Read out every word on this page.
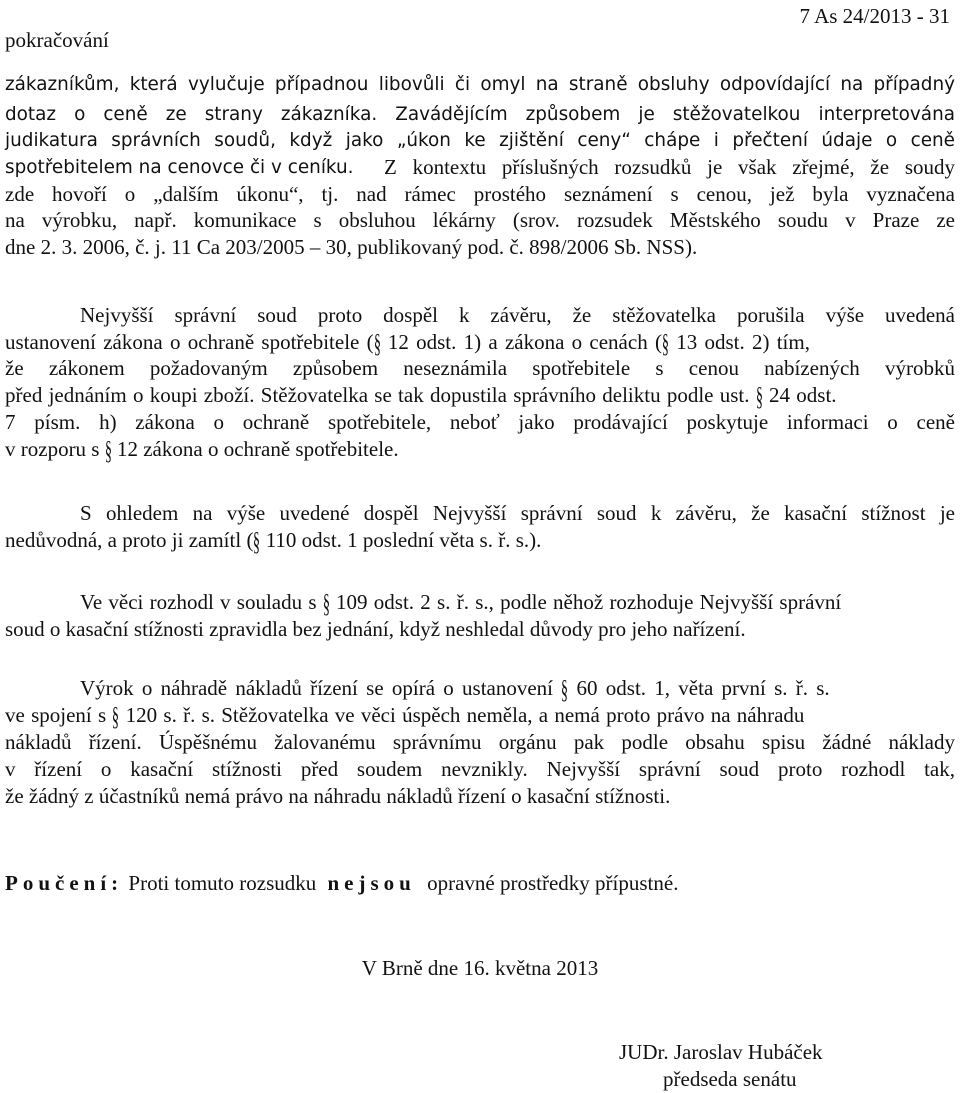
pokračování
7 As 24/2013 - 31
zákazníkům, která vylučuje případnou libovůli či omyl na straně obsluhy odpovídající na případný
dotaz o ceně ze strany zákazníka. Zavádějícím způsobem je stěžovatelkou interpretována
judikatura správních soudů, když jako „úkon ke zjištění ceny“ chápe i přečtení údaje o ceně
spotřebitelem na cenovce či v ceníku.	Z kontextu příslušných rozsudků je však zřejmé, že soudy
zde hovoří o „dalším úkonu“, tj. nad rámec prostého seznámení s cenou, jež byla vyznačena
na výrobku, např. komunikace s obsluhou lékárny (srov. rozsudek Městského soudu v Praze ze
dne 2. 3. 2006, č. j. 11 Ca 203/2005 – 30, publikovaný pod. č. 898/2006 Sb. NSS).
Nejvyšší správní soud proto dospěl k závěru, že stěžovatelka porušila výše uvedená
ustanovení zákona o ochraně spotřebitele (§ 12 odst. 1) a zákona o cenách (§ 13 odst. 2) tím,
že zákonem požadovaným způsobem neseznámila spotřebitele s cenou nabízených výrobků
před jednáním o koupi zboží. Stěžovatelka se tak dopustila správního deliktu podle ust. § 24 odst.
7 písm. h) zákona o ochraně spotřebitele, neboť jako prodávající poskytuje informaci o ceně
v rozporu s § 12 zákona o ochraně spotřebitele.
S ohledem na výše uvedené dospěl Nejvyšší správní soud k závěru, že kasační stížnost je
nedůvodná, a proto ji zamítl (§ 110 odst. 1 poslední věta s. ř. s.).
Ve věci rozhodl v souladu s § 109 odst. 2 s. ř. s., podle něhož rozhoduje Nejvyšší správní
soud o kasační stížnosti zpravidla bez jednání, když neshledal důvody pro jeho nařízení.
Výrok o náhradě nákladů řízení se opírá o ustanovení § 60 odst. 1, věta první s. ř. s.
ve spojení s § 120 s. ř. s. Stěžovatelka ve věci úspěch neměla, a nemá proto právo na náhradu
nákladů řízení. Úspěšnému žalovanému správnímu orgánu pak podle obsahu spisu žádné náklady
v řízení o kasační stížnosti před soudem nevznikly. Nejvyšší správní soud proto rozhodl tak,
že žádný z účastníků nemá právo na náhradu nákladů řízení o kasační stížnosti.
Poučení: Proti tomuto rozsudku nejsou opravné prostředky přípustné.
V Brně dne 16. května 2013
JUDr. Jaroslav Hubáček
předseda senátu
